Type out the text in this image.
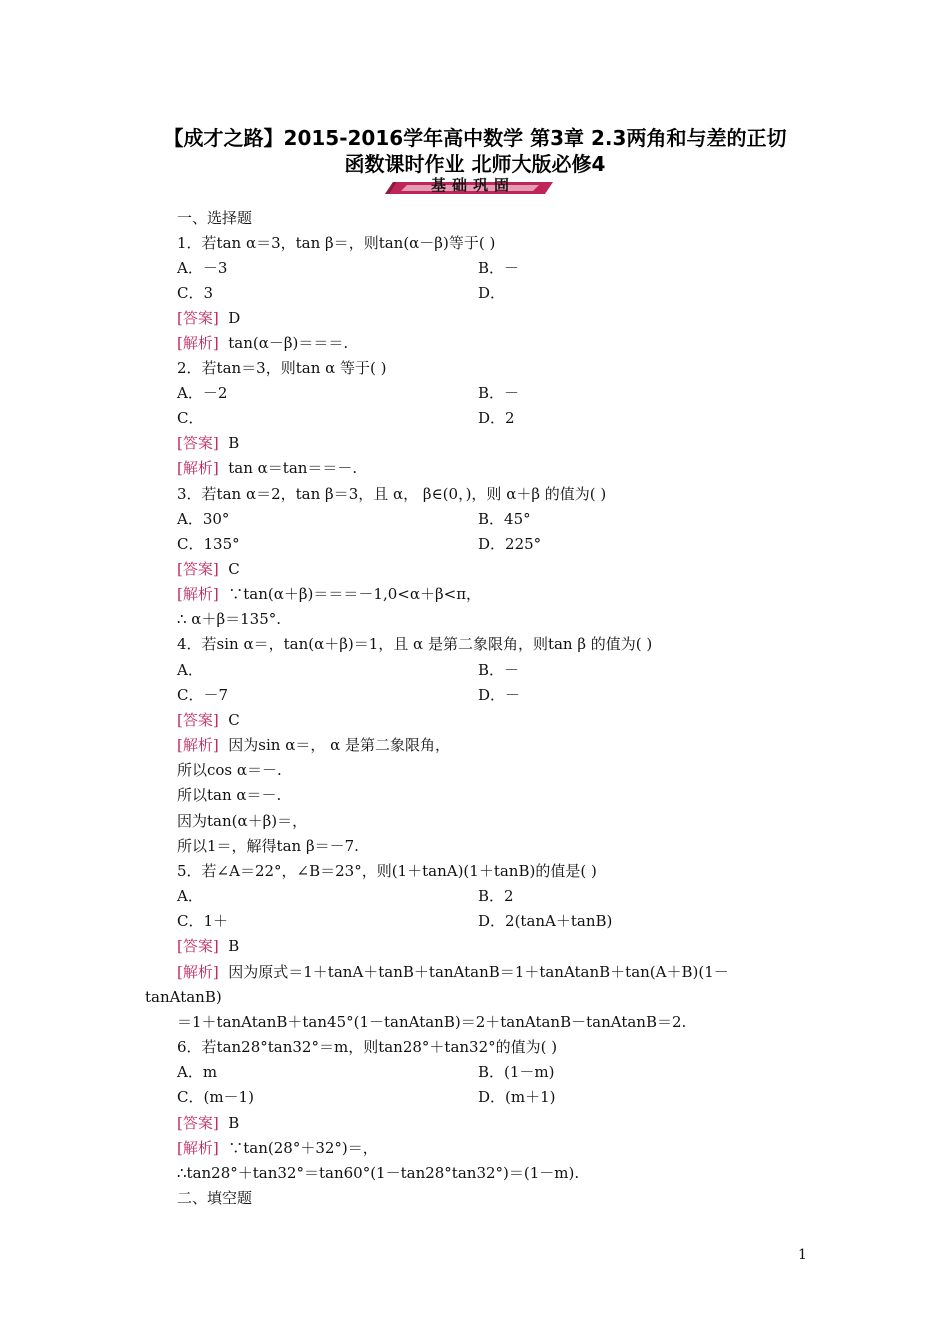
【成才之路】2015-2016学年高中数学 第3章 2.3两角和与差的正切
函数课时作业 北师大版必修4
基础巩固
一、选择题
1．若tan α＝3，tan β＝，则tan(α－β)等于( )
A．－3	B．－
C．3	D．
[答案] D
[解析] tan(α－β)＝＝＝.
2．若tan＝3，则tan α 等于( )
A．－2	B．－
C．	D．2
[答案] B
[解析] tan α＝tan＝＝－.
3．若tan α＝2，tan β＝3，且 α， β∈(0，)，则 α＋β 的值为( )
A．30°	B．45°
C．135°	D．225°
[答案] C
[解析] ∵tan(α＋β)＝＝＝－1,0<α＋β<π，
∴ α＋β＝135°.
4．若sin α＝，tan(α＋β)＝1，且 α 是第二象限角，则tan β 的值为( )
A．	B．－
C．－7	D．－
[答案] C
[解析] 因为sin α＝， α 是第二象限角，
所以cos α＝－.
所以tan α＝－.
因为tan(α＋β)＝，
所以1＝，解得tan β＝－7.
5．若∠A＝22°，∠B＝23°，则(1＋tanA)(1＋tanB)的值是( )
A．	B．2
C．1＋	D．2(tanA＋tanB)
[答案] B
[解析] 因为原式＝1＋tanA＋tanB＋tanAtanB＝1＋tanAtanB＋tan(A＋B)(1－
tanAtanB)
＝1＋tanAtanB＋tan45°(1－tanAtanB)＝2＋tanAtanB－tanAtanB＝2.
6．若tan28°tan32°＝m，则tan28°＋tan32°的值为( )
A．m	B．(1－m)
C．(m－1)	D．(m＋1)
[答案] B
[解析] ∵tan(28°＋32°)＝，
∴tan28°＋tan32°＝tan60°(1－tan28°tan32°)＝(1－m).
二、填空题
1
